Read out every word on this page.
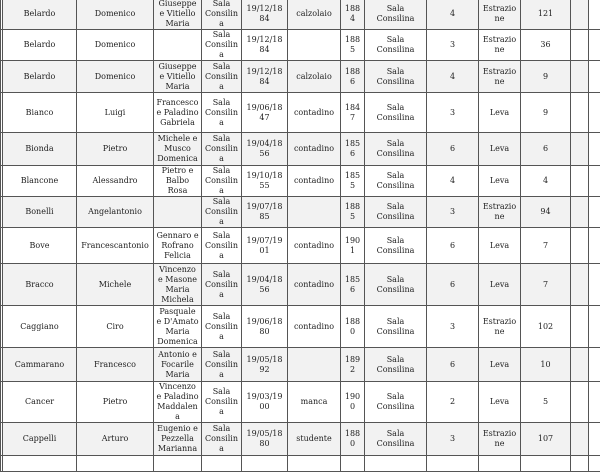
	Belardo	Domenico	Giuseppe e Vitiello Maria	Sala Consilina	19/12/1884	calzolaio	1884	Sala Consilina	4	Estrazione	121		
	Belardo	Domenico		Sala Consilina	19/12/1884		1885	Sala Consilina	3	Estrazione	36		
	Belardo	Domenico	Giuseppe e Vitiello Maria	Sala Consilina	19/12/1884	calzolaio	1886	Sala Consilina	4	Estrazione	9		
	Bianco	Luigi	Francesco e Paladino Gabriela	Sala Consilina	19/06/1847	contadino	1847	Sala Consilina	3	Leva	9		
	Bionda	Pietro	Michele e Musco Domenica	Sala Consilina	19/04/1856	contadino	1856	Sala Consilina	6	Leva	6		
	Blancone	Alessandro	Pietro e Balbo Rosa	Sala Consilina	19/10/1855	contadino	1855	Sala Consilina	4	Leva	4		
	Bonelli	Angelantonio		Sala Consilina	19/07/1885		1885	Sala Consilina	3	Estrazione	94		
	Bove	Francescantonio	Gennaro e Rofrano Felicia	Sala Consilina	19/07/1901	contadino	1901	Sala Consilina	6	Leva	7		
	Bracco	Michele	Vincenzo e Masone Maria Michela	Sala Consilina	19/04/1856	contadino	1856	Sala Consilina	6	Leva	7		
	Caggiano	Ciro	Pasquale e D'Amato Maria Domenica	Sala Consilina	19/06/1880	contadino	1880	Sala Consilina	3	Estrazione	102		
	Cammarano	Francesco	Antonio e Focarile Maria	Sala Consilina	19/05/1892		1892	Sala Consilina	6	Leva	10		
	Cancer	Pietro	Vincenzo e Paladino Maddalena	Sala Consilina	19/03/1900	manca	1900	Sala Consilina	2	Leva	5		
	Cappelli	Arturo	Eugenio e Pezzella Marianna	Sala Consilina	19/05/1880	studente	1880	Sala Consilina	3	Estrazione	107		
